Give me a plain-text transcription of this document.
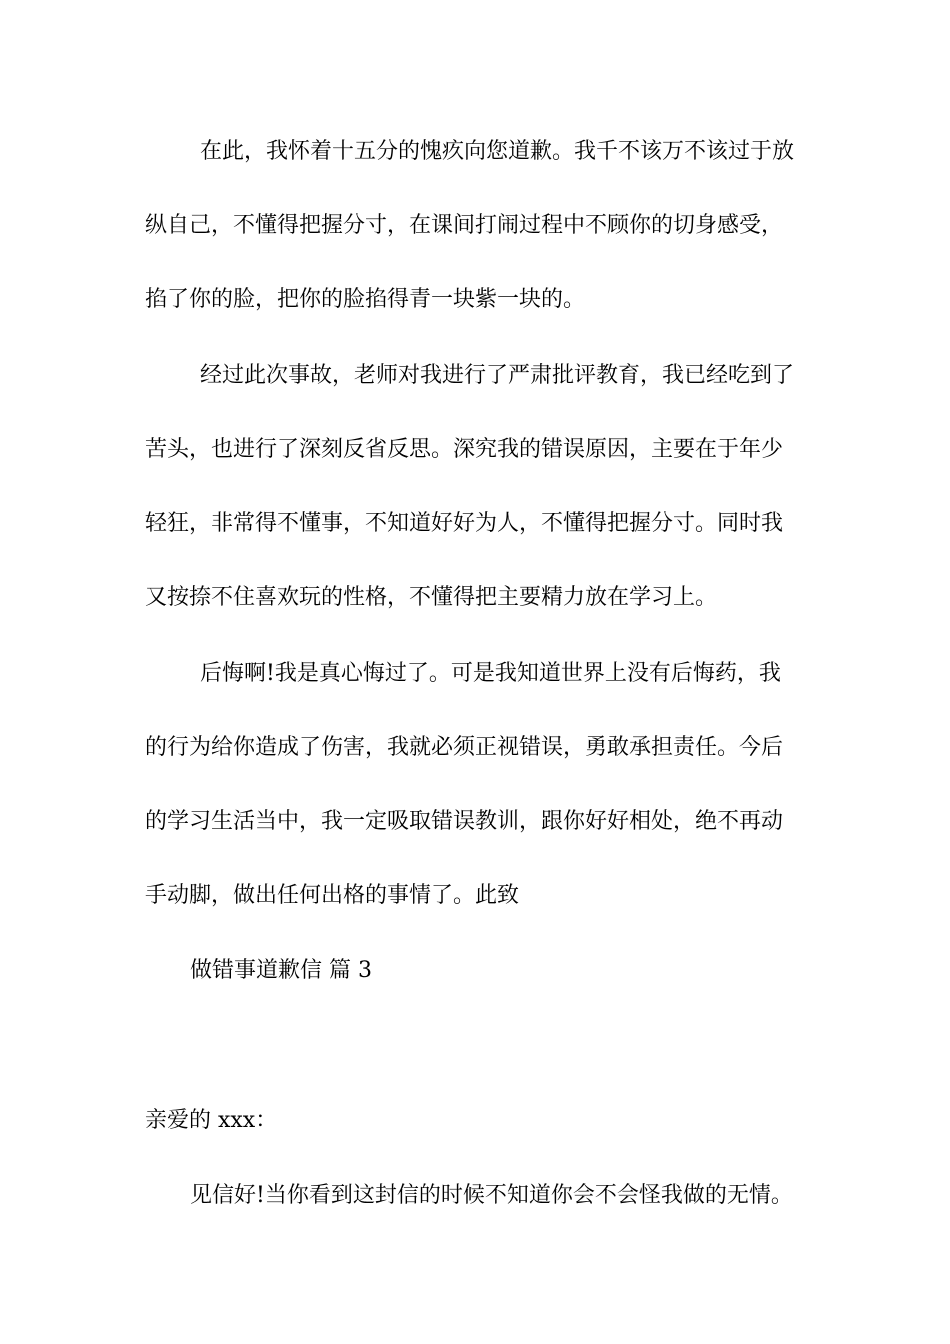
在此，我怀着十五分的愧疚向您道歉。我千不该万不该过于放

纵自己，不懂得把握分寸，在课间打闹过程中不顾你的切身感受，

掐了你的脸，把你的脸掐得青一块紫一块的。

经过此次事故，老师对我进行了严肃批评教育，我已经吃到了

苦头，也进行了深刻反省反思。深究我的错误原因，主要在于年少

轻狂，非常得不懂事，不知道好好为人，不懂得把握分寸。同时我

又按捺不住喜欢玩的性格，不懂得把主要精力放在学习上。

后悔啊!我是真心悔过了。可是我知道世界上没有后悔药，我

的行为给你造成了伤害，我就必须正视错误，勇敢承担责任。今后

的学习生活当中，我一定吸取错误教训，跟你好好相处，绝不再动

手动脚，做出任何出格的事情了。此致

做错事道歉信 篇 3

亲爱的 xxx：

见信好!当你看到这封信的时候不知道你会不会怪我做的无情。
